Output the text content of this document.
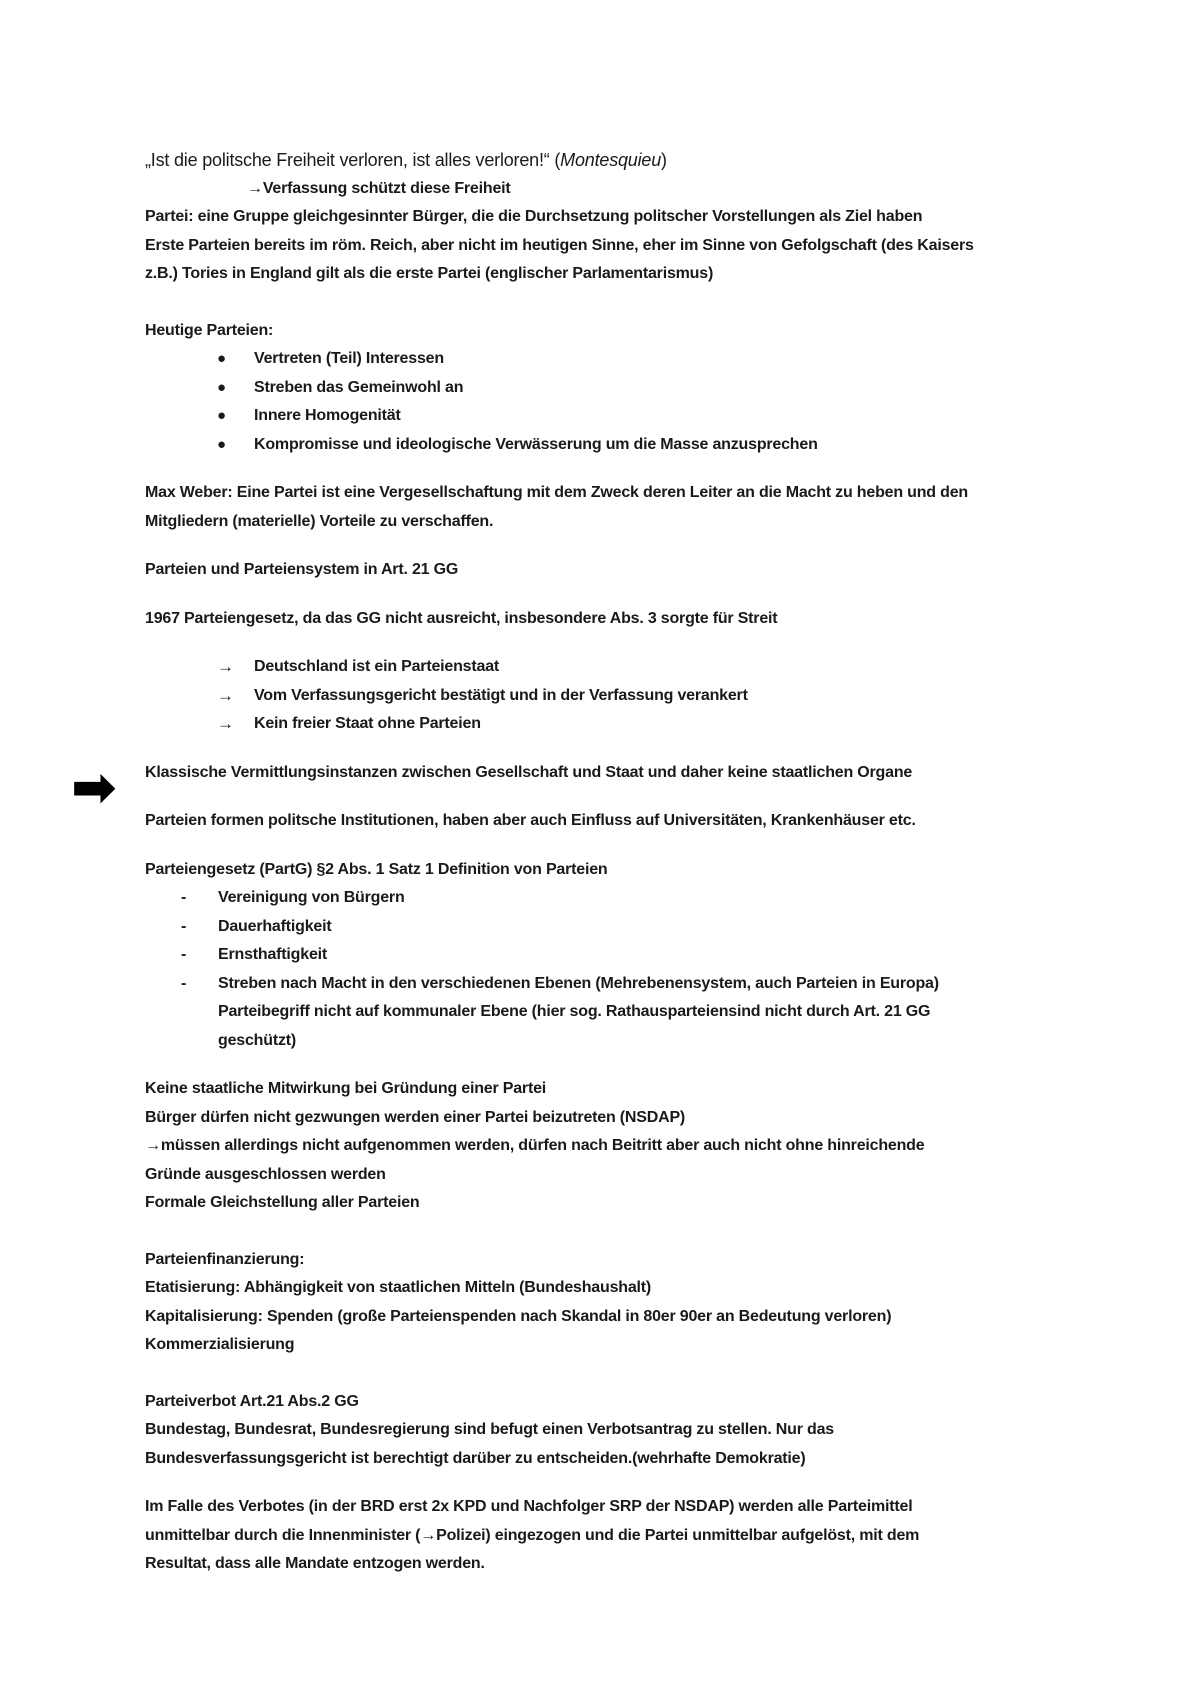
➡
„Ist die politsche Freiheit verloren, ist alles verloren!“ (Montesquieu)
→Verfassung schützt diese Freiheit
Partei: eine Gruppe gleichgesinnter Bürger, die die Durchsetzung politscher Vorstellungen als Ziel haben
Erste Parteien bereits im röm. Reich, aber nicht im heutigen Sinne, eher im Sinne von Gefolgschaft (des Kaisers
z.B.) Tories in England gilt als die erste Partei (englischer Parlamentarismus)
Heutige Parteien:
● Vertreten (Teil) Interessen
● Streben das Gemeinwohl an
● Innere Homogenität
● Kompromisse und ideologische Verwässerung um die Masse anzusprechen
Max Weber: Eine Partei ist eine Vergesellschaftung mit dem Zweck deren Leiter an die Macht zu heben und den
Mitgliedern (materielle) Vorteile zu verschaffen.
Parteien und Parteiensystem in Art. 21 GG
1967 Parteiengesetz, da das GG nicht ausreicht, insbesondere Abs. 3 sorgte für Streit
→ Deutschland ist ein Parteienstaat
→ Vom Verfassungsgericht bestätigt und in der Verfassung verankert
→ Kein freier Staat ohne Parteien
Klassische Vermittlungsinstanzen zwischen Gesellschaft und Staat und daher keine staatlichen Organe
Parteien formen politsche Institutionen, haben aber auch Einfluss auf Universitäten, Krankenhäuser etc.
Parteiengesetz (PartG) §2 Abs. 1 Satz 1 Definition von Parteien
- Vereinigung von Bürgern
- Dauerhaftigkeit
- Ernsthaftigkeit
- Streben nach Macht in den verschiedenen Ebenen (Mehrebenensystem, auch Parteien in Europa)
Parteibegriff nicht auf kommunaler Ebene (hier sog. Rathausparteiensind nicht durch Art. 21 GG
geschützt)
Keine staatliche Mitwirkung bei Gründung einer Partei
Bürger dürfen nicht gezwungen werden einer Partei beizutreten (NSDAP)
→müssen allerdings nicht aufgenommen werden, dürfen nach Beitritt aber auch nicht ohne hinreichende
Gründe ausgeschlossen werden
Formale Gleichstellung aller Parteien
Parteienfinanzierung:
Etatisierung: Abhängigkeit von staatlichen Mitteln (Bundeshaushalt)
Kapitalisierung: Spenden (große Parteienspenden nach Skandal in 80er 90er an Bedeutung verloren)
Kommerzialisierung
Parteiverbot Art.21 Abs.2 GG
Bundestag, Bundesrat, Bundesregierung sind befugt einen Verbotsantrag zu stellen. Nur das
Bundesverfassungsgericht ist berechtigt darüber zu entscheiden.(wehrhafte Demokratie)
Im Falle des Verbotes (in der BRD erst 2x KPD und Nachfolger SRP der NSDAP) werden alle Parteimittel
unmittelbar durch die Innenminister (→Polizei) eingezogen und die Partei unmittelbar aufgelöst, mit dem
Resultat, dass alle Mandate entzogen werden.
